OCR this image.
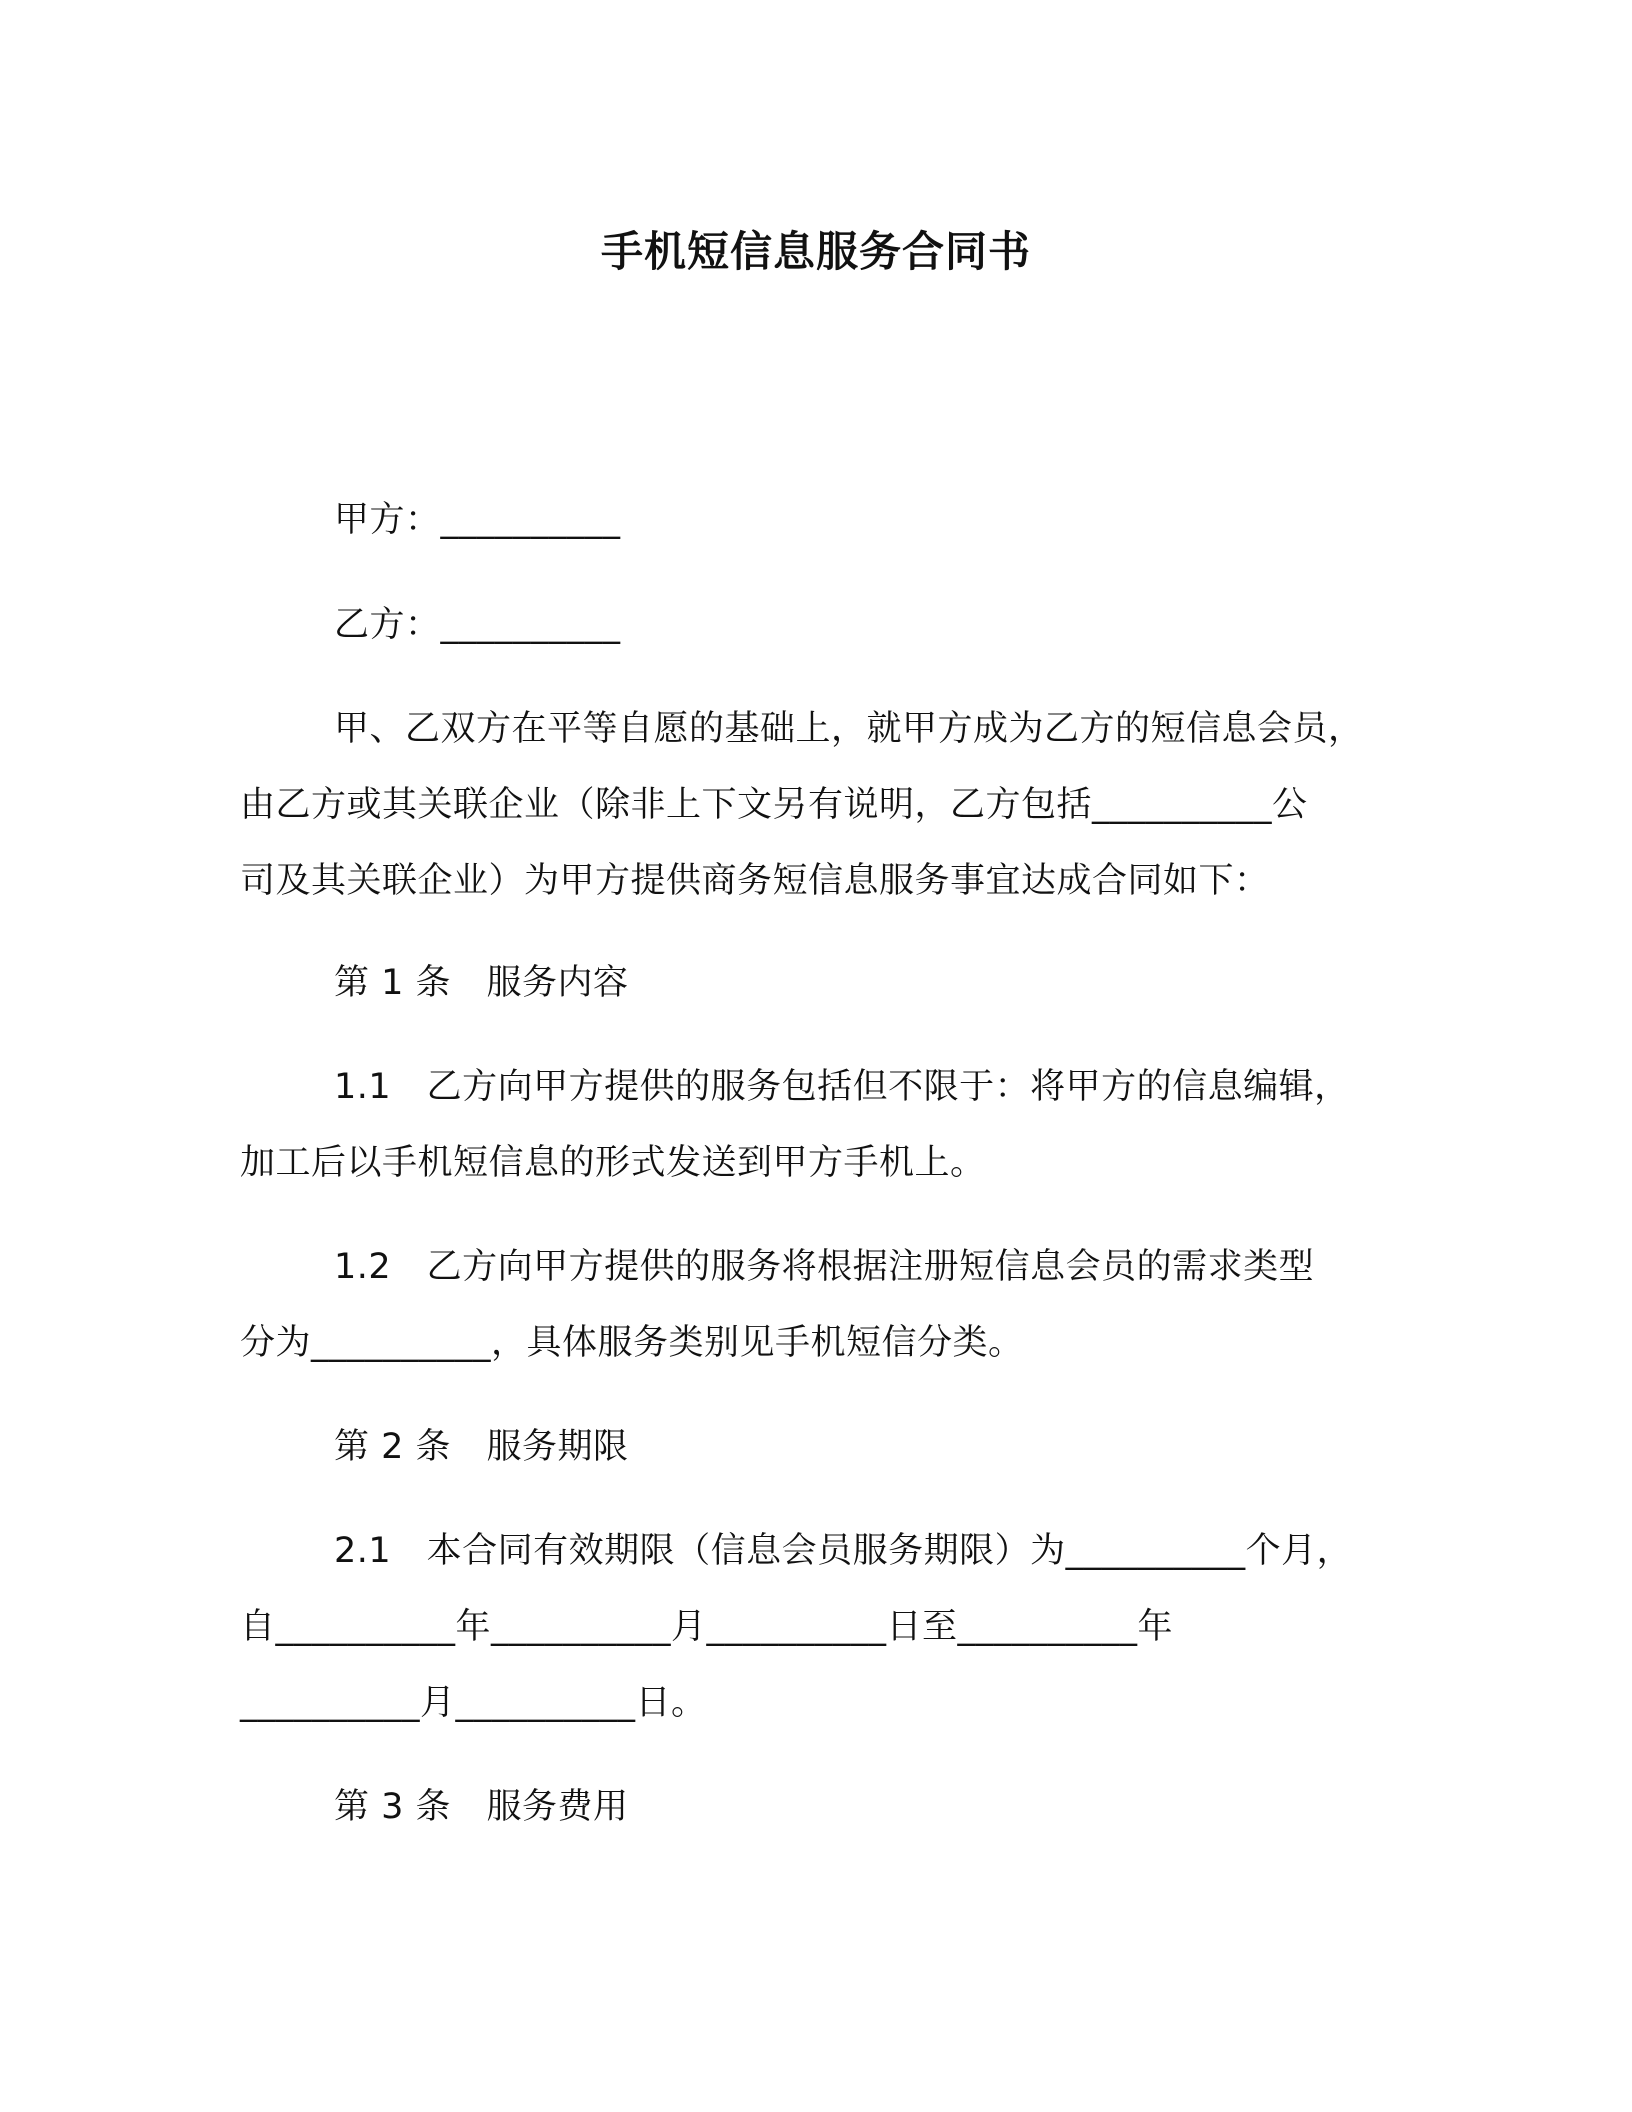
手机短信息服务合同书
甲方：__________
乙方：__________
甲、乙双方在平等自愿的基础上，就甲方成为乙方的短信息会员，
由乙方或其关联企业（除非上下文另有说明，乙方包括__________公
司及其关联企业）为甲方提供商务短信息服务事宜达成合同如下：
第 1 条　服务内容
1.1　乙方向甲方提供的服务包括但不限于：将甲方的信息编辑，
加工后以手机短信息的形式发送到甲方手机上。
1.2　乙方向甲方提供的服务将根据注册短信息会员的需求类型
分为__________，具体服务类别见手机短信分类。
第 2 条　服务期限
2.1　本合同有效期限（信息会员服务期限）为__________个月，
自__________年__________月__________日至__________年
__________月__________日。
第 3 条　服务费用
